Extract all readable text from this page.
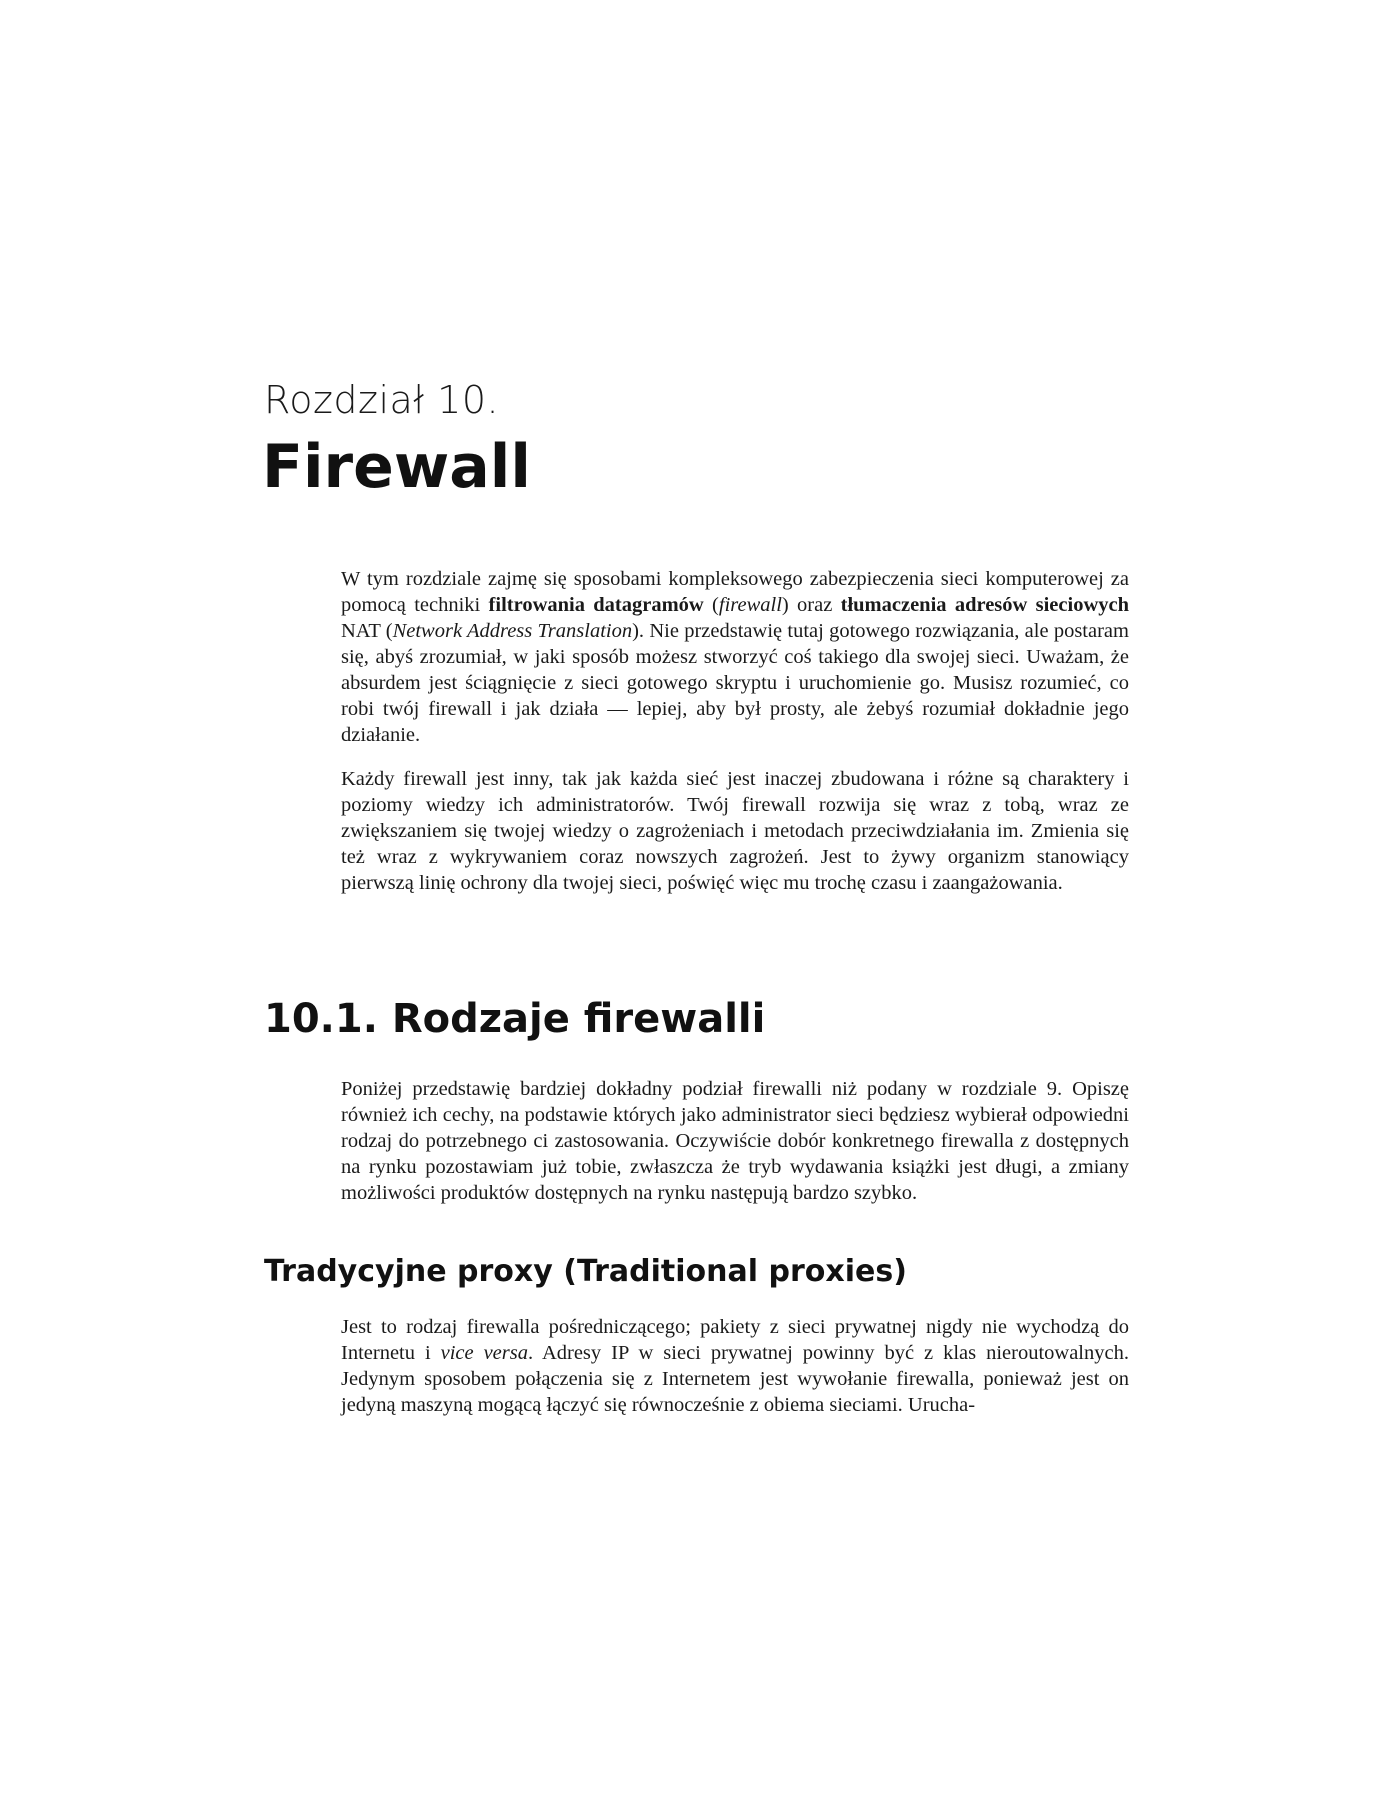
Rozdział 10.
Firewall

W tym rozdziale zajmę się sposobami kompleksowego zabezpieczenia sieci komputerowej za pomocą techniki filtrowania datagramów (firewall) oraz tłumaczenia adresów sieciowych NAT (Network Address Translation). Nie przedstawię tutaj gotowego rozwiązania, ale postaram się, abyś zrozumiał, w jaki sposób możesz stworzyć coś takiego dla swojej sieci. Uważam, że absurdem jest ściągnięcie z sieci gotowego skryptu i uruchomienie go. Musisz rozumieć, co robi twój firewall i jak działa — lepiej, aby był prosty, ale żebyś rozumiał dokładnie jego działanie.

Każdy firewall jest inny, tak jak każda sieć jest inaczej zbudowana i różne są charaktery i poziomy wiedzy ich administratorów. Twój firewall rozwija się wraz z tobą, wraz ze zwiększaniem się twojej wiedzy o zagrożeniach i metodach przeciwdziałania im. Zmienia się też wraz z wykrywaniem coraz nowszych zagrożeń. Jest to żywy organizm stanowiący pierwszą linię ochrony dla twojej sieci, poświęć więc mu trochę czasu i zaangażowania.

10.1. Rodzaje firewalli

Poniżej przedstawię bardziej dokładny podział firewalli niż podany w rozdziale 9. Opiszę również ich cechy, na podstawie których jako administrator sieci będziesz wybierał odpowiedni rodzaj do potrzebnego ci zastosowania. Oczywiście dobór konkretnego firewalla z dostępnych na rynku pozostawiam już tobie, zwłaszcza że tryb wydawania książki jest długi, a zmiany możliwości produktów dostępnych na rynku następują bardzo szybko.

Tradycyjne proxy (Traditional proxies)

Jest to rodzaj firewalla pośredniczącego; pakiety z sieci prywatnej nigdy nie wychodzą do Internetu i vice versa. Adresy IP w sieci prywatnej powinny być z klas nieroutowalnych. Jedynym sposobem połączenia się z Internetem jest wywołanie firewalla, ponieważ jest on jedyną maszyną mogącą łączyć się równocześnie z obiema sieciami. Urucha-
